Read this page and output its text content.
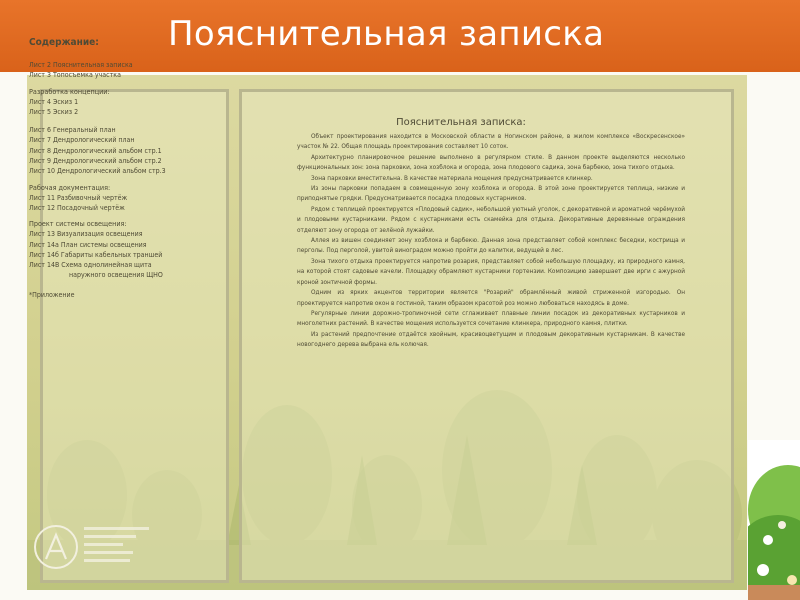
Пояснительная записка
Содержание:
Лист 2 Пояснительная записка
Лист 3 Топосъемка участка
Разработка концепции:
Лист 4 Эскиз 1
Лист 5 Эскиз 2
Лист 6 Генеральный план
Лист 7 Дендрологический план
Лист 8 Дендрологический альбом стр.1
Лист 9 Дендрологический альбом стр.2
Лист 10 Дендрологический альбом стр.3
Рабочая документация:
Лист 11 Разбивочный чертёж
Лист 12 Посадочный чертёж
Проект системы освещения:
Лист 13 Визуализация освещения
Лист 14а План системы освещения
Лист 14б Габариты кабельных траншей
Лист 14В Схема однолинейная щита
наружного освещения ЩНО
*Приложение
Пояснительная записка:

Объект проектирования находится в Московской области в Ногинском районе, в жилом комплексе «Воскресенское» участок № 22. Общая площадь проектирования составляет 10 соток.

Архитектурно планировочное решение выполнено в регулярном стиле. В данном проекте выделяются несколько функциональных зон: зона парковки, зона хозблока и огорода, зона плодового садика, зона барбекю, зона тихого отдыха.

Зона парковки вместительна. В качестве материала мощения предусматривается клинкер.

Из зоны парковки попадаем в совмещенную зону хозблока и огорода. В этой зоне проектируется теплица, низкие и приподнятые грядки. Предусматривается посадка плодовых кустарников.

Рядом с теплицей проектируется «Плодовый садик», небольшой уютный уголок, с декоративной и ароматной черёмухой и плодовыми кустарниками. Рядом с кустарниками есть скамейка для отдыха. Декоративные деревянные ограждения отделяют зону огорода от зелёной лужайки.

Аллея из вишен соединяет зону хозблока и барбекю. Данная зона представляет собой комплекс беседки, кострища и перголы. Под перголой, увитой виноградом можно пройти до калитки, ведущей в лес.

Зона тихого отдыха проектируется напротив розария, представляет собой небольшую площадку, из природного камня, на которой стоят садовые качели. Площадку обрамляют кустарники гортензии. Композицию завершает две ирги с ажурной кроной зонтичной формы.

Одним из ярких акцентов территории является "Розарий" обрамлённый живой стриженной изгородью. Он проектируется напротив окон в гостиной, таким образом красотой роз можно любоваться находясь в доме.

Регулярные линии дорожно-тропиночной сети сглаживает плавные линии посадок из декоративных кустарников и многолетних растений. В качестве мощения используется сочетание клинкера, природного камня, плитки.

Из растений предпочтение отдаётся хвойным, красивоцветущим и плодовым декоративным кустарникам. В качестве новогоднего дерева выбрана ель колючая.
